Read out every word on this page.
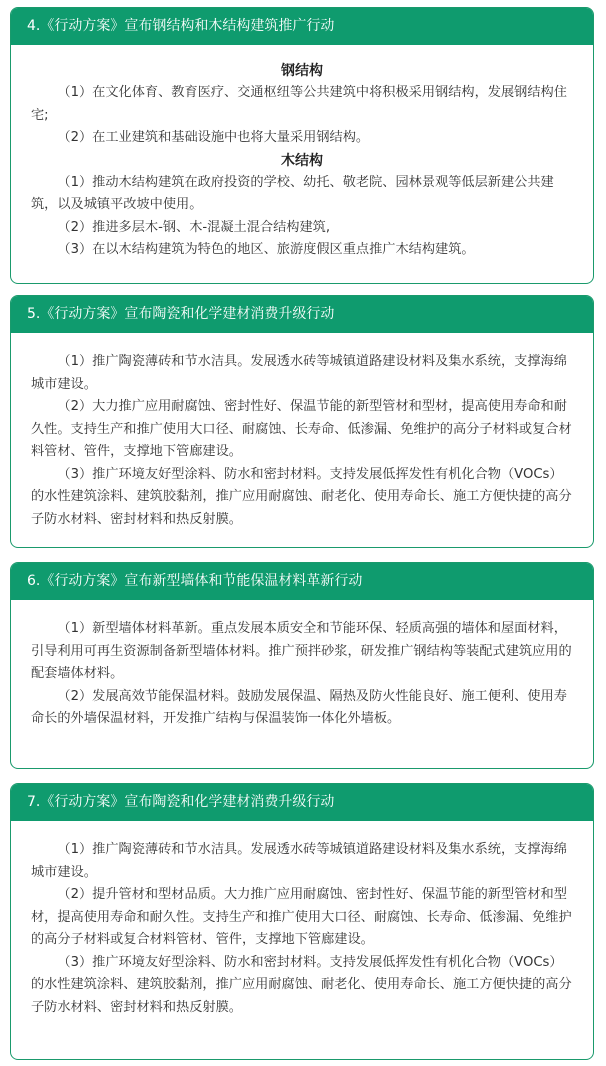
4.《行动方案》宣布钢结构和木结构建筑推广行动
钢结构

（1）在文化体育、教育医疗、交通枢纽等公共建筑中将积极采用钢结构，发展钢结构住宅;

（2）在工业建筑和基础设施中也将大量采用钢结构。

木结构

（1）推动木结构建筑在政府投资的学校、幼托、敬老院、园林景观等低层新建公共建筑，以及城镇平改坡中使用。

（2）推进多层木-钢、木-混凝土混合结构建筑,

（3）在以木结构建筑为特色的地区、旅游度假区重点推广木结构建筑。

5.《行动方案》宣布陶瓷和化学建材消费升级行动

（1）推广陶瓷薄砖和节水洁具。发展透水砖等城镇道路建设材料及集水系统，支撑海绵城市建设。

（2）大力推广应用耐腐蚀、密封性好、保温节能的新型管材和型材，提高使用寿命和耐久性。支持生产和推广使用大口径、耐腐蚀、长寿命、低渗漏、免维护的高分子材料或复合材料管材、管件，支撑地下管廊建设。

（3）推广环境友好型涂料、防水和密封材料。支持发展低挥发性有机化合物（VOCs）的水性建筑涂料、建筑胶黏剂，推广应用耐腐蚀、耐老化、使用寿命长、施工方便快捷的高分子防水材料、密封材料和热反射膜。

6.《行动方案》宣布新型墙体和节能保温材料革新行动

（1）新型墙体材料革新。重点发展本质安全和节能环保、轻质高强的墙体和屋面材料，引导利用可再生资源制备新型墙体材料。推广预拌砂浆，研发推广钢结构等装配式建筑应用的配套墙体材料。

（2）发展高效节能保温材料。鼓励发展保温、隔热及防火性能良好、施工便利、使用寿命长的外墙保温材料，开发推广结构与保温装饰一体化外墙板。

7.《行动方案》宣布陶瓷和化学建材消费升级行动

（1）推广陶瓷薄砖和节水洁具。发展透水砖等城镇道路建设材料及集水系统，支撑海绵城市建设。

（2）提升管材和型材品质。大力推广应用耐腐蚀、密封性好、保温节能的新型管材和型材，提高使用寿命和耐久性。支持生产和推广使用大口径、耐腐蚀、长寿命、低渗漏、免维护的高分子材料或复合材料管材、管件，支撑地下管廊建设。

（3）推广环境友好型涂料、防水和密封材料。支持发展低挥发性有机化合物（VOCs）的水性建筑涂料、建筑胶黏剂，推广应用耐腐蚀、耐老化、使用寿命长、施工方便快捷的高分子防水材料、密封材料和热反射膜。
